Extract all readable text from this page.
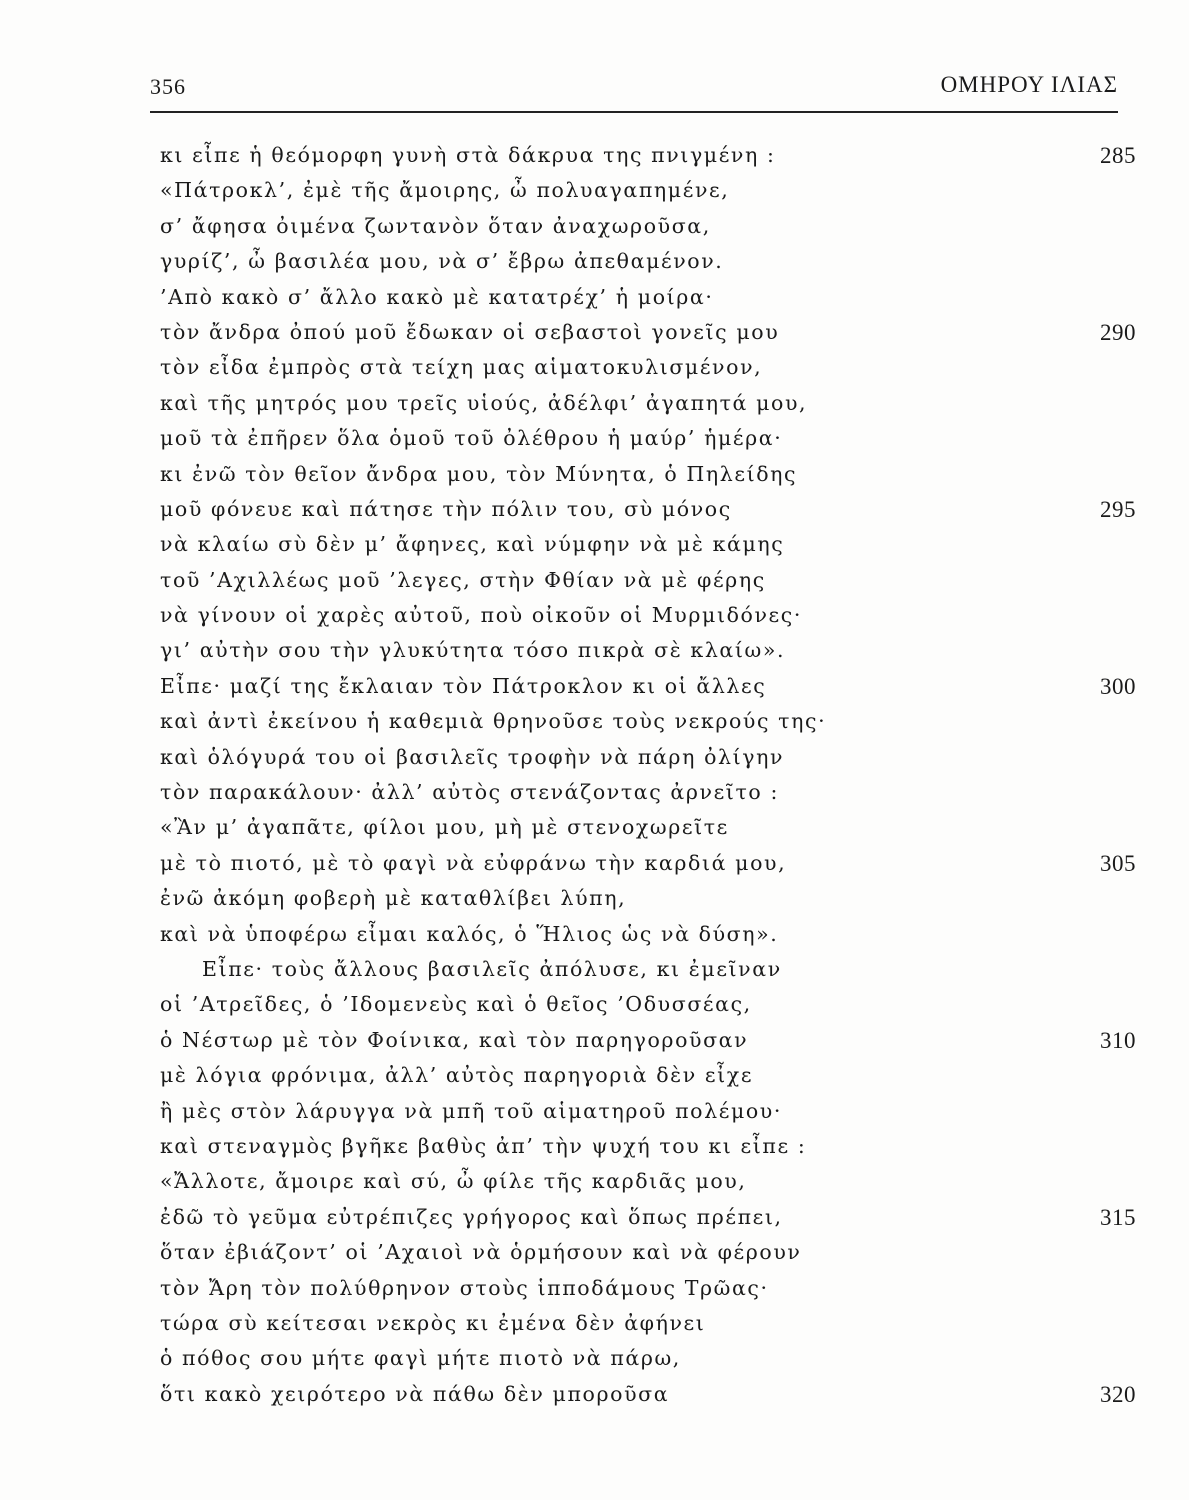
356	ΟΜΗΡΟΥ ΙΛΙΑΣ
κι εἶπε ἡ θεόμορφη γυνὴ στὰ δάκρυα της πνιγμένη :	285
«Πάτροκλ’, ἐμὲ τῆς ἄμοιρης, ὦ πολυαγαπημένε,
σ’ ἄφησα ὀιμένα ζωντανὸν ὅταν ἀναχωροῦσα,
γυρίζ’, ὦ βασιλέα μου, νὰ σ’ ἔβρω ἀπεθαμένον.
’Απὸ κακὸ σ’ ἄλλο κακὸ μὲ κατατρέχ’ ἡ μοίρα·
τὸν ἄνδρα ὀπού μοῦ ἔδωκαν οἱ σεβαστοὶ γονεῖς μου	290
τὸν εἶδα ἐμπρὸς στὰ τείχη μας αἱματοκυλισμένον,
καὶ τῆς μητρός μου τρεῖς υἱούς, ἀδέλφι’ ἀγαπητά μου,
μοῦ τὰ ἐπῆρεν ὅλα ὁμοῦ τοῦ ὀλέθρου ἡ μαύρ’ ἡμέρα·
κι ἐνῶ τὸν θεῖον ἄνδρα μου, τὸν Μύνητα, ὁ Πηλείδης
μοῦ φόνευε καὶ πάτησε τὴν πόλιν του, σὺ μόνος	295
νὰ κλαίω σὺ δὲν μ’ ἄφηνες, καὶ νύμφην νὰ μὲ κάμης
τοῦ ’Αχιλλέως μοῦ ’λεγες, στὴν Φθίαν νὰ μὲ φέρης
νὰ γίνουν οἱ χαρὲς αὐτοῦ, ποὺ οἰκοῦν οἱ Μυρμιδόνες·
γι’ αὐτὴν σου τὴν γλυκύτητα τόσο πικρὰ σὲ κλαίω».
Εἶπε· μαζί της ἔκλαιαν τὸν Πάτροκλον κι οἱ ἄλλες	300
καὶ ἀντὶ ἐκείνου ἡ καθεμιὰ θρηνοῦσε τοὺς νεκρούς της·
καὶ ὁλόγυρά του οἱ βασιλεῖς τροφὴν νὰ πάρη ὀλίγην
τὸν παρακάλουν· ἀλλ’ αὐτὸς στενάζοντας ἀρνεῖτο :
«Ἂν μ’ ἀγαπᾶτε, φίλοι μου, μὴ μὲ στενοχωρεῖτε
μὲ τὸ πιοτό, μὲ τὸ φαγὶ νὰ εὐφράνω τὴν καρδιά μου,	305
ἐνῶ ἀκόμη φοβερὴ μὲ καταθλίβει λύπη,
καὶ νὰ ὑποφέρω εἶμαι καλός, ὁ Ἥλιος ὡς νὰ δύση».
Εἶπε· τοὺς ἄλλους βασιλεῖς ἀπόλυσε, κι ἐμεῖναν
οἱ ’Ατρεῖδες, ὁ ’Ιδομενεὺς καὶ ὁ θεῖος ’Οδυσσέας,
ὁ Νέστωρ μὲ τὸν Φοίνικα, καὶ τὸν παρηγοροῦσαν	310
μὲ λόγια φρόνιμα, ἀλλ’ αὐτὸς παρηγοριὰ δὲν εἶχε
ἢ μὲς στὸν λάρυγγα νὰ μπῆ τοῦ αἱματηροῦ πολέμου·
καὶ στεναγμὸς βγῆκε βαθὺς ἀπ’ τὴν ψυχή του κι εἶπε :
«Ἄλλοτε, ἄμοιρε καὶ σύ, ὦ φίλε τῆς καρδιᾶς μου,
ἐδῶ τὸ γεῦμα εὐτρέπιζες γρήγορος καὶ ὅπως πρέπει,	315
ὅταν ἐβιάζοντ’ οἱ ’Αχαιοὶ νὰ ὁρμήσουν καὶ νὰ φέρουν
τὸν Ἄρη τὸν πολύθρηνον στοὺς ἱπποδάμους Τρῶας·
τώρα σὺ κείτεσαι νεκρὸς κι ἐμένα δὲν ἀφήνει
ὁ πόθος σου μήτε φαγὶ μήτε πιοτὸ νὰ πάρω,
ὅτι κακὸ χειρότερο νὰ πάθω δὲν μποροῦσα	320
